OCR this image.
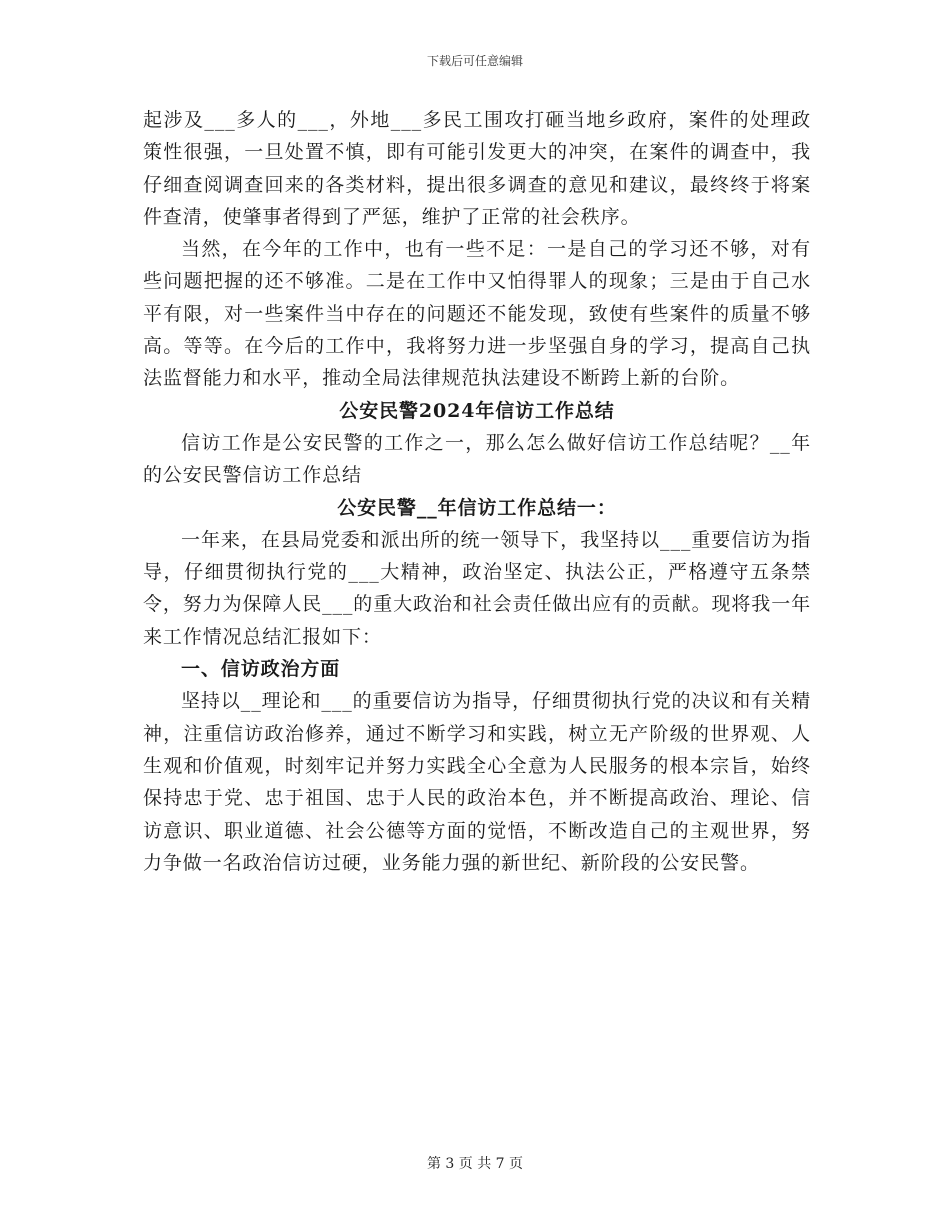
下载后可任意编辑

起涉及___多人的___，外地___多民工围攻打砸当地乡政府，案件的处理政策性很强，一旦处置不慎，即有可能引发更大的冲突，在案件的调查中，我仔细查阅调查回来的各类材料，提出很多调查的意见和建议，最终终于将案件查清，使肇事者得到了严惩，维护了正常的社会秩序。

当然，在今年的工作中，也有一些不足：一是自己的学习还不够，对有些问题把握的还不够准。二是在工作中又怕得罪人的现象；三是由于自己水平有限，对一些案件当中存在的问题还不能发现，致使有些案件的质量不够高。等等。在今后的工作中，我将努力进一步坚强自身的学习，提高自己执法监督能力和水平，推动全局法律规范执法建设不断跨上新的台阶。

公安民警2024年信访工作总结

信访工作是公安民警的工作之一，那么怎么做好信访工作总结呢？__年的公安民警信访工作总结

公安民警__年信访工作总结一：

一年来，在县局党委和派出所的统一领导下，我坚持以___重要信访为指导，仔细贯彻执行党的___大精神，政治坚定、执法公正，严格遵守五条禁令，努力为保障人民___的重大政治和社会责任做出应有的贡献。现将我一年来工作情况总结汇报如下：

一、信访政治方面

坚持以__理论和___的重要信访为指导，仔细贯彻执行党的决议和有关精神，注重信访政治修养，通过不断学习和实践，树立无产阶级的世界观、人生观和价值观，时刻牢记并努力实践全心全意为人民服务的根本宗旨，始终保持忠于党、忠于祖国、忠于人民的政治本色，并不断提高政治、理论、信访意识、职业道德、社会公德等方面的觉悟，不断改造自己的主观世界，努力争做一名政治信访过硬，业务能力强的新世纪、新阶段的公安民警。

第 3 页 共 7 页
